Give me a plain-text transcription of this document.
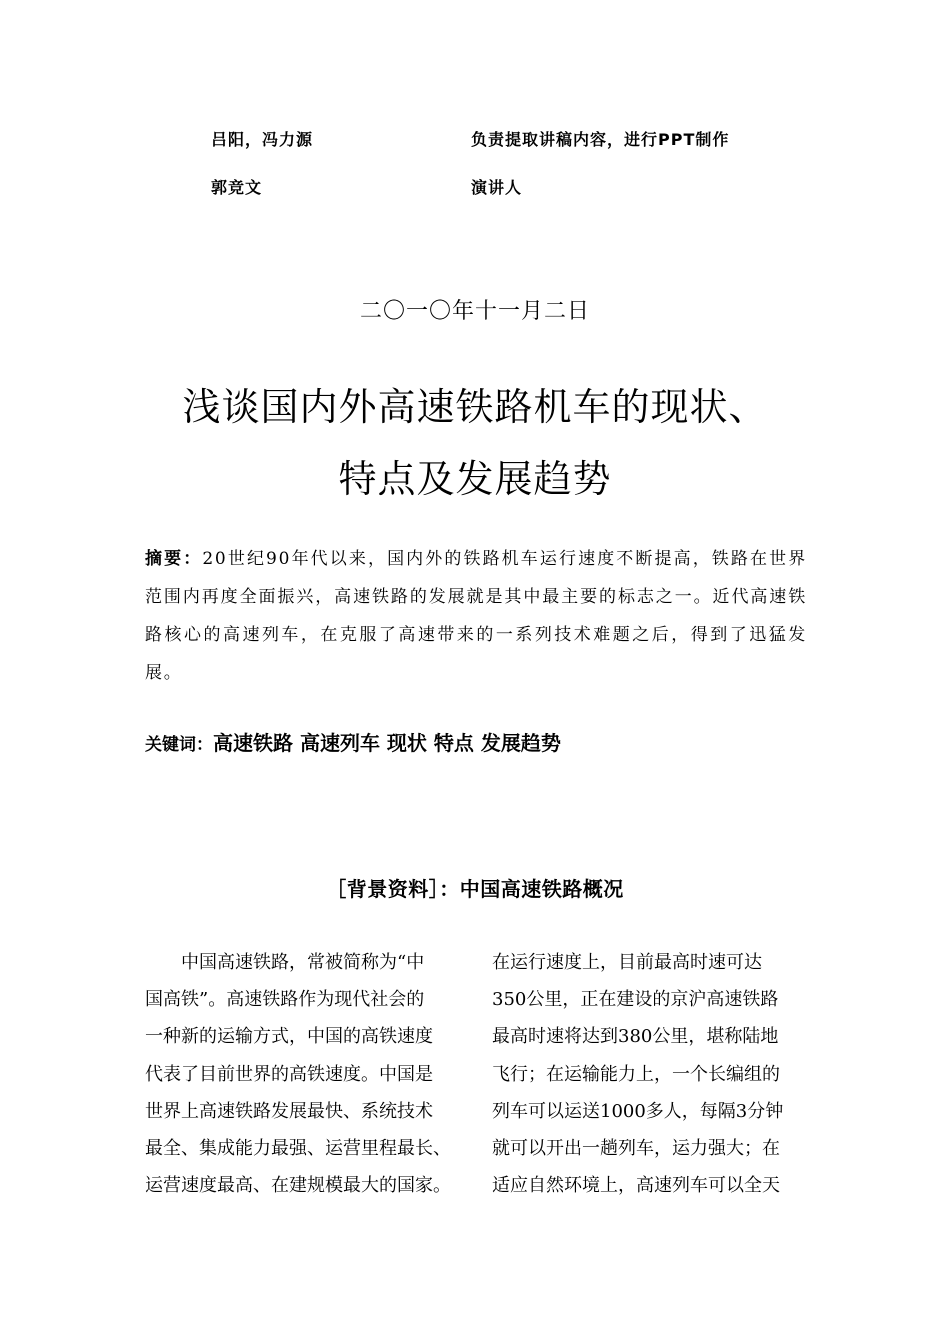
吕阳，冯力源	负责提取讲稿内容，进行PPT制作
郭竞文	演讲人
二〇一〇年十一月二日
浅谈国内外高速铁路机车的现状、
特点及发展趋势
摘要：20世纪90年代以来，国内外的铁路机车运行速度不断提高，铁路在世界范围内再度全面振兴，高速铁路的发展就是其中最主要的标志之一。近代高速铁路核心的高速列车，在克服了高速带来的一系列技术难题之后，得到了迅猛发展。
关键词：高速铁路 高速列车 现状 特点 发展趋势
［背景资料］：中国高速铁路概况
　　中国高速铁路，常被简称为“中
国高铁”。高速铁路作为现代社会的
一种新的运输方式，中国的高铁速度
代表了目前世界的高铁速度。中国是
世界上高速铁路发展最快、系统技术
最全、集成能力最强、运营里程最长、
运营速度最高、在建规模最大的国家。
在运行速度上，目前最高时速可达
350公里，正在建设的京沪高速铁路
最高时速将达到380公里，堪称陆地
飞行；在运输能力上，一个长编组的
列车可以运送1000多人，每隔3分钟
就可以开出一趟列车，运力强大；在
适应自然环境上，高速列车可以全天
